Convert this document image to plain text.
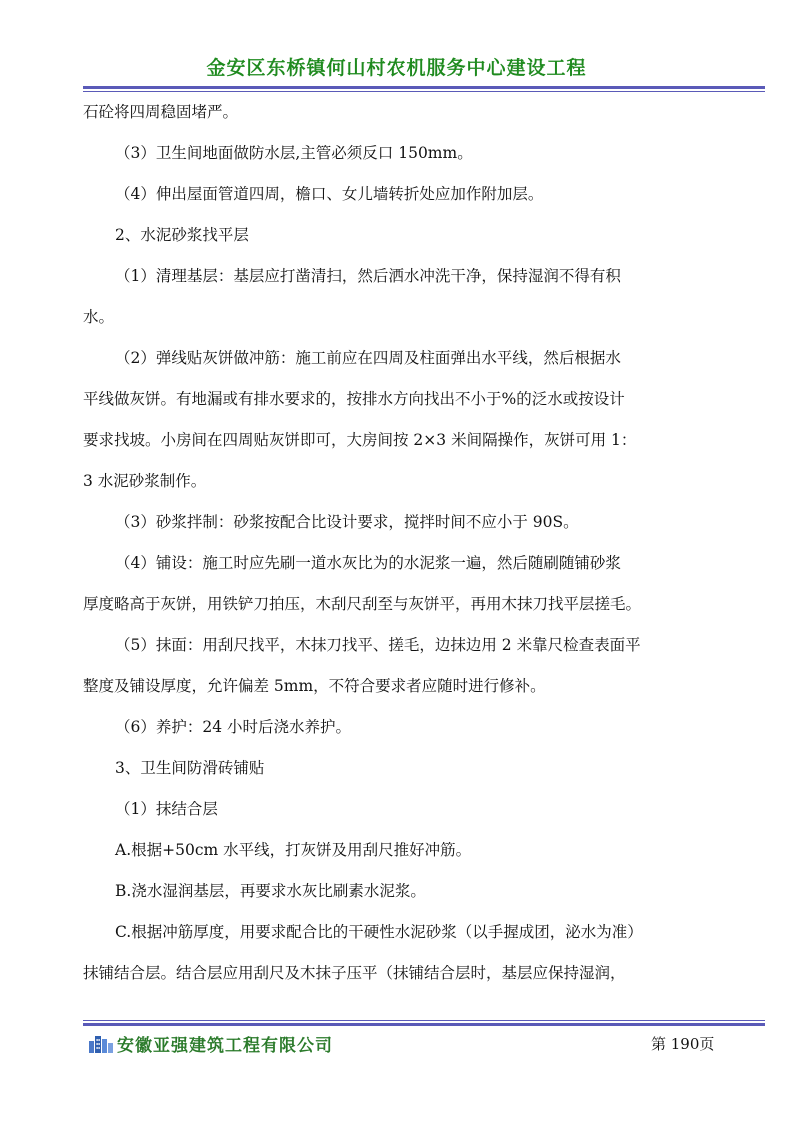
金安区东桥镇何山村农机服务中心建设工程
石砼将四周稳固堵严。
（3）卫生间地面做防水层,主管必须反口 150mm。
（4）伸出屋面管道四周，檐口、女儿墙转折处应加作附加层。
2、水泥砂浆找平层
（1）清理基层：基层应打凿清扫，然后洒水冲洗干净，保持湿润不得有积
水。
（2）弹线贴灰饼做冲筋：施工前应在四周及柱面弹出水平线，然后根据水
平线做灰饼。有地漏或有排水要求的，按排水方向找出不小于%的泛水或按设计
要求找坡。小房间在四周贴灰饼即可，大房间按 2×3 米间隔操作，灰饼可用 1：
3 水泥砂浆制作。
（3）砂浆拌制：砂浆按配合比设计要求，搅拌时间不应小于 90S。
（4）铺设：施工时应先刷一道水灰比为的水泥浆一遍，然后随刷随铺砂浆
厚度略高于灰饼，用铁铲刀拍压，木刮尺刮至与灰饼平，再用木抹刀找平层搓毛。
（5）抹面：用刮尺找平，木抹刀找平、搓毛，边抹边用 2 米靠尺检查表面平
整度及铺设厚度，允许偏差 5mm，不符合要求者应随时进行修补。
（6）养护：24 小时后浇水养护。
3、卫生间防滑砖铺贴
（1）抹结合层
A.根据+50cm 水平线，打灰饼及用刮尺推好冲筋。
B.浇水湿润基层，再要求水灰比刷素水泥浆。
C.根据冲筋厚度，用要求配合比的干硬性水泥砂浆（以手握成团，泌水为准）
抹铺结合层。结合层应用刮尺及木抹子压平（抹铺结合层时，基层应保持湿润，
安徽亚强建筑工程有限公司	第 190页
